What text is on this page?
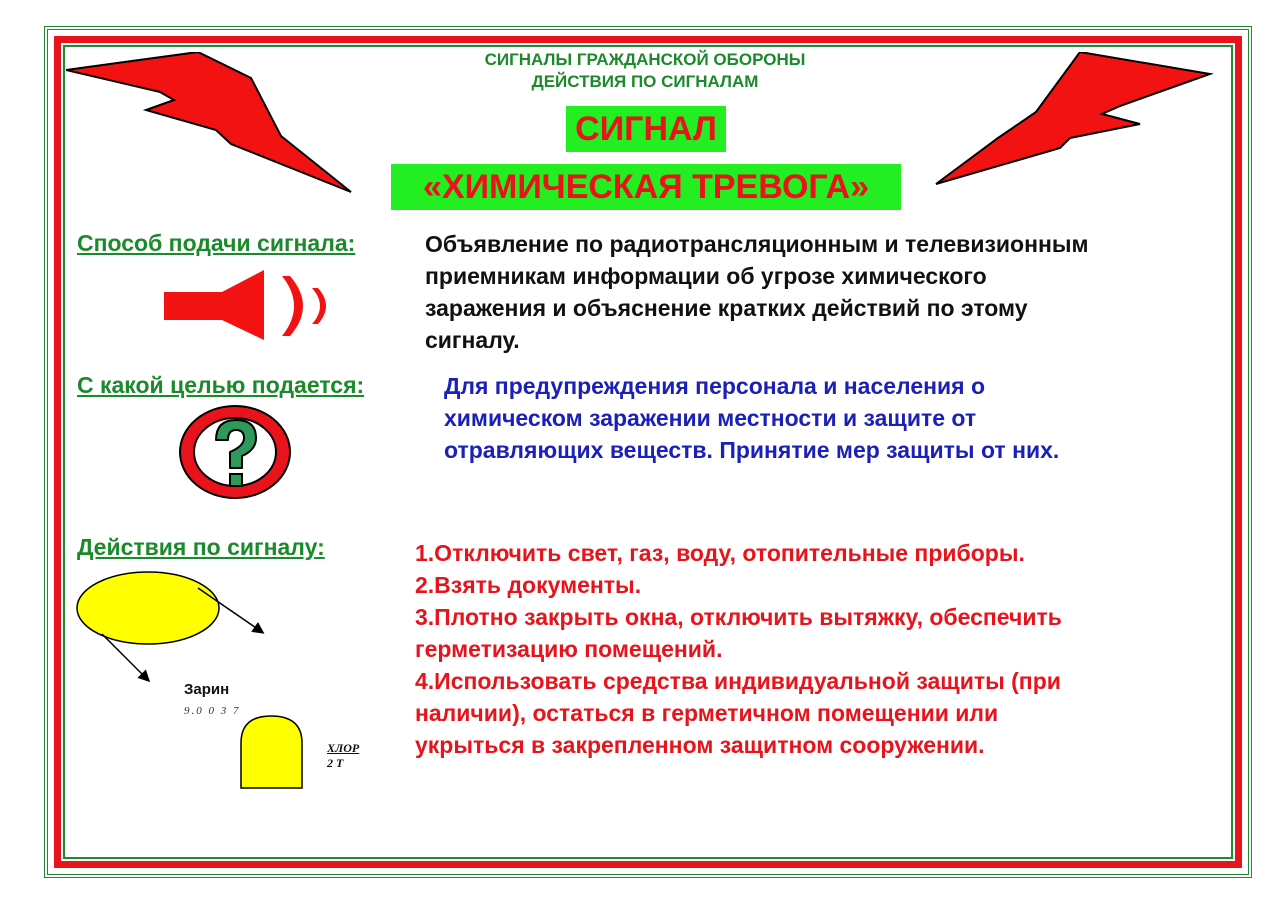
СИГНАЛЫ ГРАЖДАНСКОЙ ОБОРОНЫ
ДЕЙСТВИЯ ПО СИГНАЛАМ
СИГНАЛ
«ХИМИЧЕСКАЯ ТРЕВОГА»
Способ подачи сигнала:	Объявление по радиотрансляционным и телевизионным
приемникам информации об угрозе химического
заражения и объяснение кратких действий по этому
сигналу.
С какой целью подается:	Для предупреждения персонала и населения о
химическом заражении местности и защите от
отравляющих веществ. Принятие мер защиты от них.
Действия по сигналу:	1.Отключить свет, газ, воду, отопительные приборы.
2.Взять документы.
3.Плотно закрыть окна, отключить вытяжку, обеспечить
герметизацию помещений.
4.Использовать средства индивидуальной защиты (при
наличии), остаться в герметичном помещении или
укрыться в закрепленном защитном сооружении.
Зарин
9.0 0 3 7
ХЛОР
2 Т
